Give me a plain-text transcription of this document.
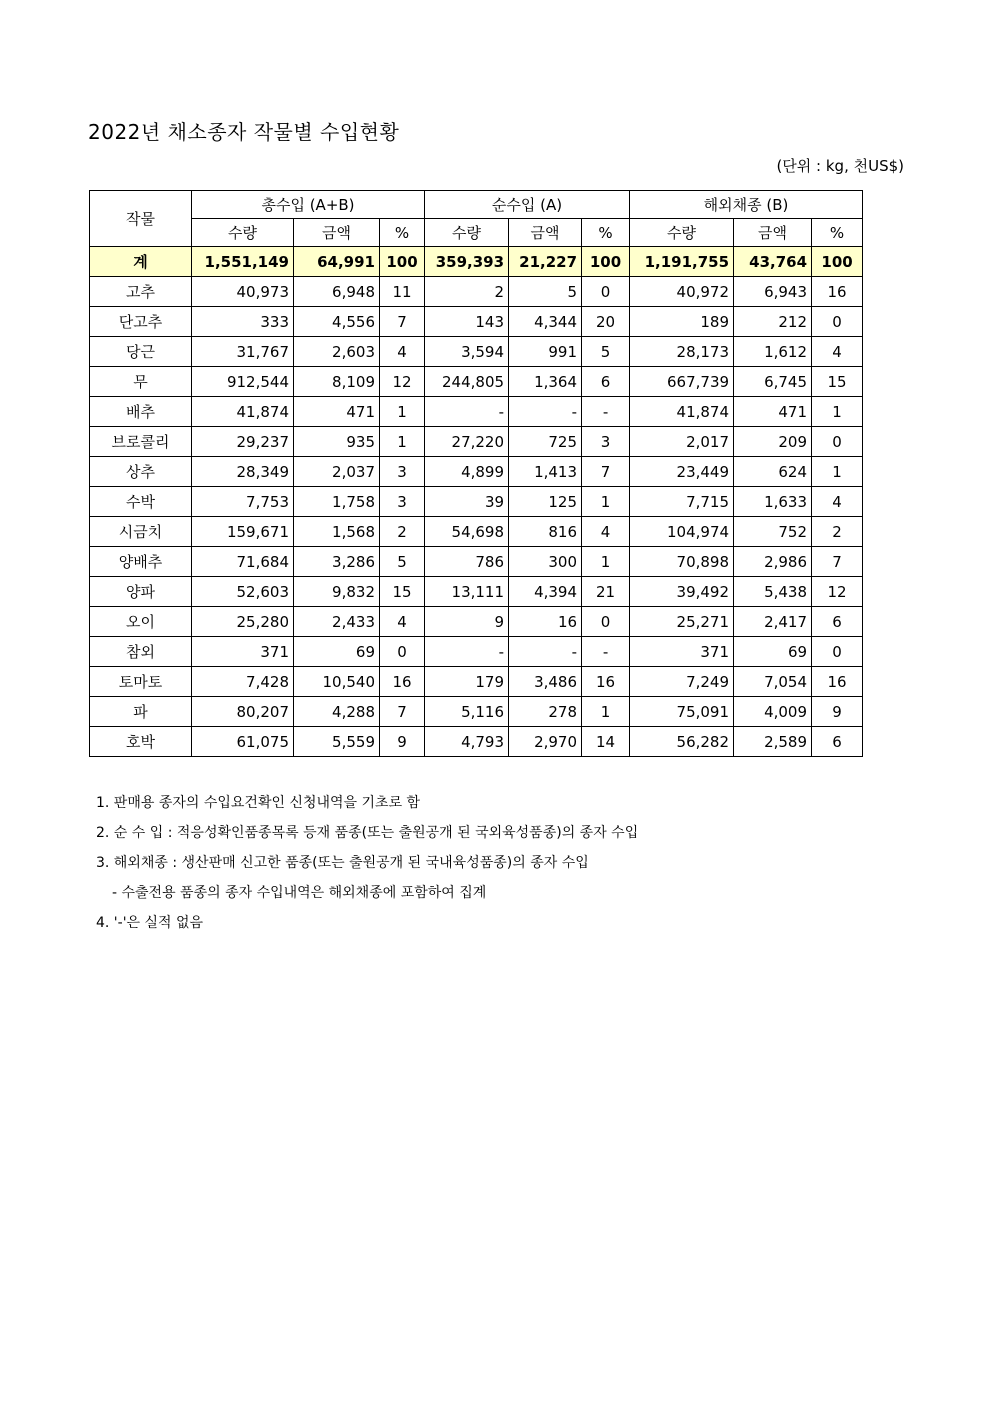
2022년 채소종자 작물별 수입현황
(단위 : kg, 천US$)
작물	총수입 (A+B)			순수입 (A)			해외채종 (B)		
	수량	금액	%	수량	금액	%	수량	금액	%
계	1,551,149	64,991	100	359,393	21,227	100	1,191,755	43,764	100
고추	40,973	6,948	11	2	5	0	40,972	6,943	16
단고추	333	4,556	7	143	4,344	20	189	212	0
당근	31,767	2,603	4	3,594	991	5	28,173	1,612	4
무	912,544	8,109	12	244,805	1,364	6	667,739	6,745	15
배추	41,874	471	1	-	-	-	41,874	471	1
브로콜리	29,237	935	1	27,220	725	3	2,017	209	0
상추	28,349	2,037	3	4,899	1,413	7	23,449	624	1
수박	7,753	1,758	3	39	125	1	7,715	1,633	4
시금치	159,671	1,568	2	54,698	816	4	104,974	752	2
양배추	71,684	3,286	5	786	300	1	70,898	2,986	7
양파	52,603	9,832	15	13,111	4,394	21	39,492	5,438	12
오이	25,280	2,433	4	9	16	0	25,271	2,417	6
참외	371	69	0	-	-	-	371	69	0
토마토	7,428	10,540	16	179	3,486	16	7,249	7,054	16
파	80,207	4,288	7	5,116	278	1	75,091	4,009	9
호박	61,075	5,559	9	4,793	2,970	14	56,282	2,589	6
1. 판매용 종자의 수입요건확인 신청내역을 기초로 함
2. 순 수 입 : 적응성확인품종목록 등재 품종(또는 출원공개 된 국외육성품종)의 종자 수입
3. 해외채종 : 생산판매 신고한 품종(또는 출원공개 된 국내육성품종)의 종자 수입
- 수출전용 품종의 종자 수입내역은 해외채종에 포함하여 집계
4. '-'은 실적 없음
